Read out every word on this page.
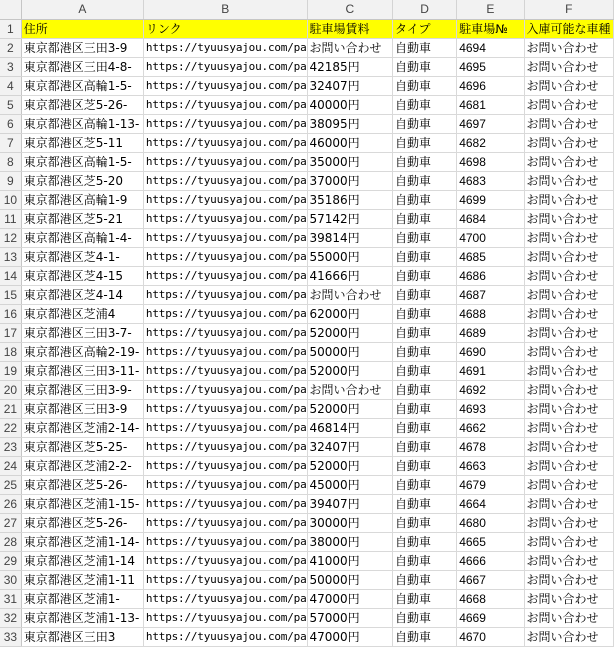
	A	B	C	D	E	F
1	住所	リンク	駐車場賃料	タイプ	駐車場№	入庫可能な車種
2	東京都港区三田3-9	https://tyuusyajou.com/pa	お問い合わせ	自動車	4694	お問い合わせ
3	東京都港区三田4-8-	https://tyuusyajou.com/pa	42185円	自動車	4695	お問い合わせ
4	東京都港区高輪1-5-	https://tyuusyajou.com/pa	32407円	自動車	4696	お問い合わせ
5	東京都港区芝5-26-	https://tyuusyajou.com/pa	40000円	自動車	4681	お問い合わせ
6	東京都港区高輪1-13-	https://tyuusyajou.com/pa	38095円	自動車	4697	お問い合わせ
7	東京都港区芝5-11	https://tyuusyajou.com/pa	46000円	自動車	4682	お問い合わせ
8	東京都港区高輪1-5-	https://tyuusyajou.com/pa	35000円	自動車	4698	お問い合わせ
9	東京都港区芝5-20	https://tyuusyajou.com/pa	37000円	自動車	4683	お問い合わせ
10	東京都港区高輪1-9	https://tyuusyajou.com/pa	35186円	自動車	4699	お問い合わせ
11	東京都港区芝5-21	https://tyuusyajou.com/pa	57142円	自動車	4684	お問い合わせ
12	東京都港区高輪1-4-	https://tyuusyajou.com/pa	39814円	自動車	4700	お問い合わせ
13	東京都港区芝4-1-	https://tyuusyajou.com/pa	55000円	自動車	4685	お問い合わせ
14	東京都港区芝4-15	https://tyuusyajou.com/pa	41666円	自動車	4686	お問い合わせ
15	東京都港区芝4-14	https://tyuusyajou.com/pa	お問い合わせ	自動車	4687	お問い合わせ
16	東京都港区芝浦4	https://tyuusyajou.com/pa	62000円	自動車	4688	お問い合わせ
17	東京都港区三田3-7-	https://tyuusyajou.com/pa	52000円	自動車	4689	お問い合わせ
18	東京都港区高輪2-19-	https://tyuusyajou.com/pa	50000円	自動車	4690	お問い合わせ
19	東京都港区三田3-11-	https://tyuusyajou.com/pa	52000円	自動車	4691	お問い合わせ
20	東京都港区三田3-9-	https://tyuusyajou.com/pa	お問い合わせ	自動車	4692	お問い合わせ
21	東京都港区三田3-9	https://tyuusyajou.com/pa	52000円	自動車	4693	お問い合わせ
22	東京都港区芝浦2-14-	https://tyuusyajou.com/pa	46814円	自動車	4662	お問い合わせ
23	東京都港区芝5-25-	https://tyuusyajou.com/pa	32407円	自動車	4678	お問い合わせ
24	東京都港区芝浦2-2-	https://tyuusyajou.com/pa	52000円	自動車	4663	お問い合わせ
25	東京都港区芝5-26-	https://tyuusyajou.com/pa	45000円	自動車	4679	お問い合わせ
26	東京都港区芝浦1-15-	https://tyuusyajou.com/pa	39407円	自動車	4664	お問い合わせ
27	東京都港区芝5-26-	https://tyuusyajou.com/pa	30000円	自動車	4680	お問い合わせ
28	東京都港区芝浦1-14-	https://tyuusyajou.com/pa	38000円	自動車	4665	お問い合わせ
29	東京都港区芝浦1-14	https://tyuusyajou.com/pa	41000円	自動車	4666	お問い合わせ
30	東京都港区芝浦1-11	https://tyuusyajou.com/pa	50000円	自動車	4667	お問い合わせ
31	東京都港区芝浦1-	https://tyuusyajou.com/pa	47000円	自動車	4668	お問い合わせ
32	東京都港区芝浦1-13-	https://tyuusyajou.com/pa	57000円	自動車	4669	お問い合わせ
33	東京都港区三田3	https://tyuusyajou.com/pa	47000円	自動車	4670	お問い合わせ
